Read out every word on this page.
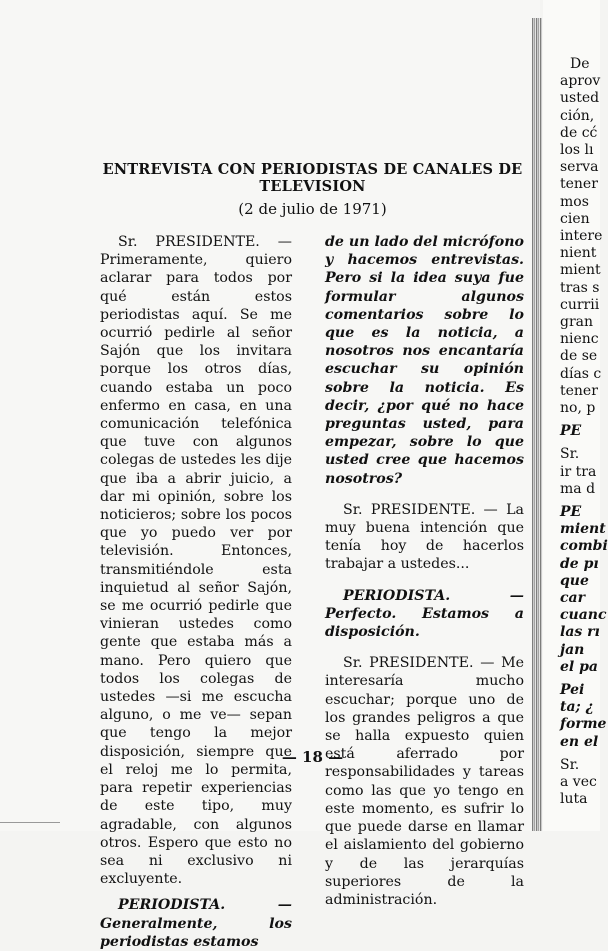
ENTREVISTA CON PERIODISTAS DE CANALES DE TELEVISION
(2 de julio de 1971)

Sr. PRESIDENTE. — Primeramente, quiero aclarar para todos por qué están estos periodistas aquí. Se me ocurrió pedirle al señor Sajón que los invitara porque los otros días, cuando estaba un poco enfermo en casa, en una comunicación telefónica que tuve con algunos colegas de ustedes les dije que iba a abrir juicio, a dar mi opinión, sobre los noticieros; sobre los pocos que yo puedo ver por televisión. Entonces, transmitiéndole esta inquietud al señor Sajón, se me ocurrió pedirle que vinieran ustedes como gente que estaba más a mano. Pero quiero que todos los colegas de ustedes —si me escucha alguno, o me ve— sepan que tengo la mejor disposición, siempre que el reloj me lo permita, para repetir experiencias de este tipo, muy agradable, con algunos otros. Espero que esto no sea ni exclusivo ni excluyente.

PERIODISTA. — Generalmente, los periodistas estamos

de un lado del micrófono y hacemos entrevistas. Pero si la idea suya fue formular algunos comentarios sobre lo que es la noticia, a nosotros nos encantaría escuchar su opinión sobre la noticia. Es decir, ¿por qué no hace preguntas usted, para empezar, sobre lo que usted cree que hacemos nosotros?

Sr. PRESIDENTE. — La muy buena intención que tenía hoy de hacerlos trabajar a ustedes...

PERIODISTA. — Perfecto. Estamos a disposición.

Sr. PRESIDENTE. — Me interesaría mucho escuchar; porque uno de los grandes peligros a que se halla expuesto quien está aferrado por responsabilidades y tareas como las que yo tengo en este momento, es sufrir lo que puede darse en llamar el aislamiento del gobierno y de las jerarquías superiores de la administración.

— 18 —
De
aprov
usted
ción,
de cć
los lı
serva
tener
mos
cien
intere
nient
mient
tras s
currii
gran
nienc
de se
días c
tener
no, p
PE
Sr.
ir tra
ma d
PE
mient
combi
de pı
que
car
cuanc
las rı
jan
el pa
Pei
ta; ¿
forme
en el
Sr.
a vec
luta
